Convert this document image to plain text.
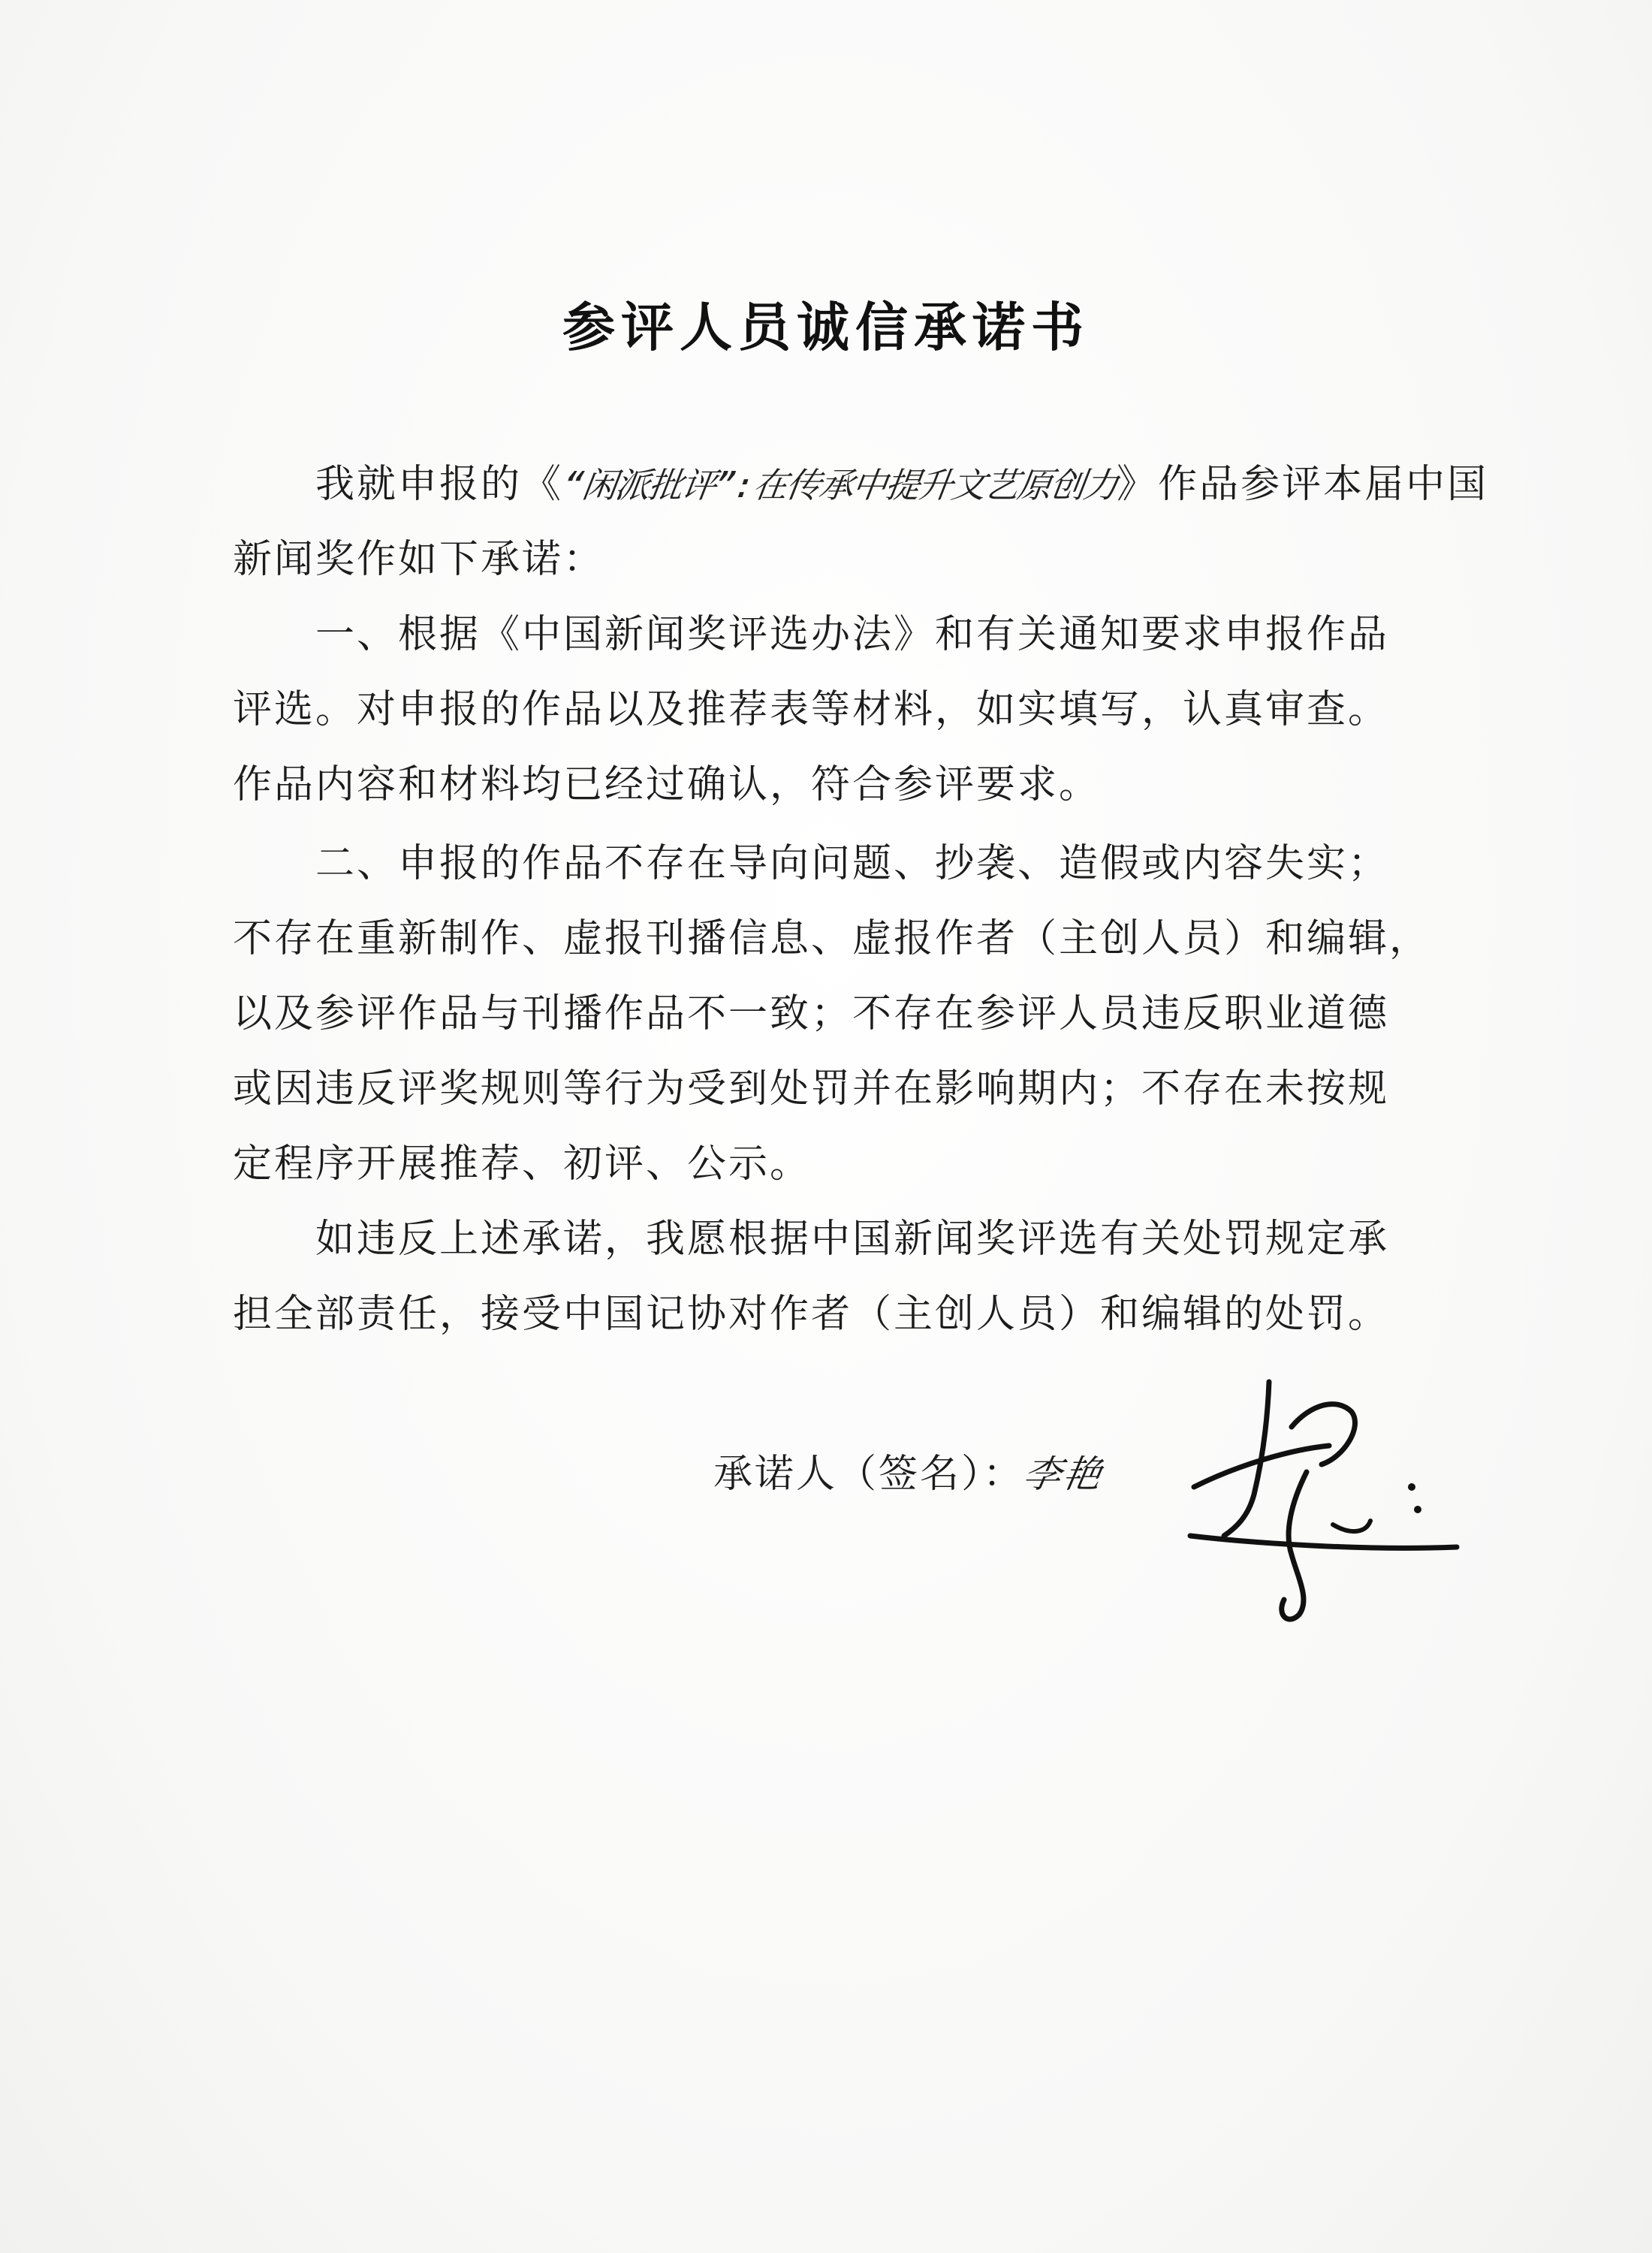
参评人员诚信承诺书
我就申报的《“闲派批评”:在传承中提升文艺原创力》作品参评本届中国
新闻奖作如下承诺：
一、根据《中国新闻奖评选办法》和有关通知要求申报作品
评选。对申报的作品以及推荐表等材料，如实填写，认真审查。
作品内容和材料均已经过确认，符合参评要求。
二、申报的作品不存在导向问题、抄袭、造假或内容失实；
不存在重新制作、虚报刊播信息、虚报作者（主创人员）和编辑，
以及参评作品与刊播作品不一致；不存在参评人员违反职业道德
或因违反评奖规则等行为受到处罚并在影响期内；不存在未按规
定程序开展推荐、初评、公示。
如违反上述承诺，我愿根据中国新闻奖评选有关处罚规定承
担全部责任，接受中国记协对作者（主创人员）和编辑的处罚。
承诺人（签名）：李艳
